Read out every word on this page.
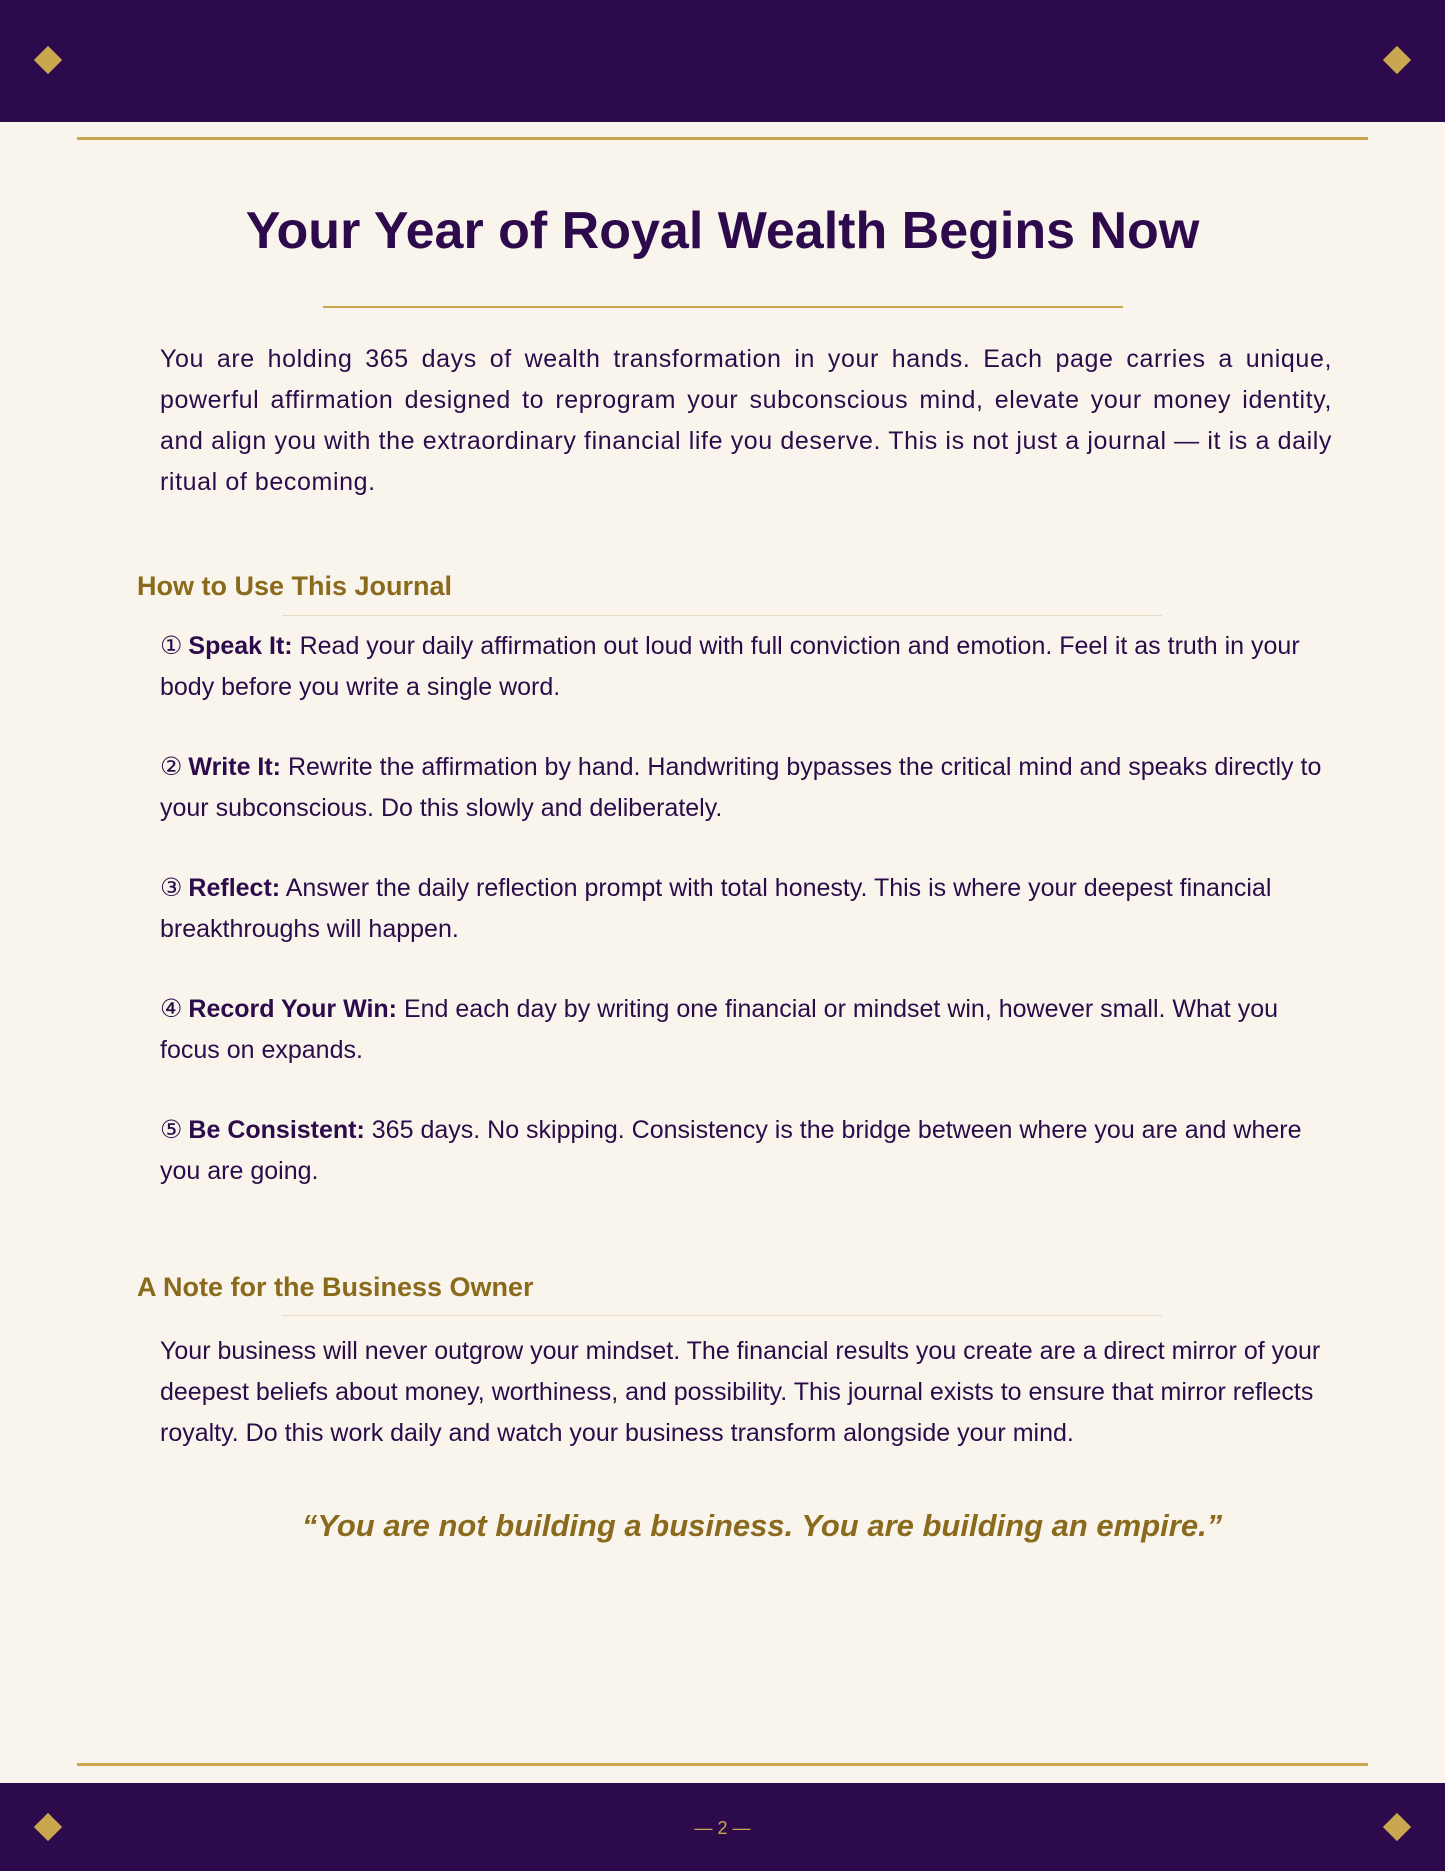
Your Year of Royal Wealth Begins Now

You are holding 365 days of wealth transformation in your hands. Each page carries a unique, powerful affirmation designed to reprogram your subconscious mind, elevate your money identity, and align you with the extraordinary financial life you deserve. This is not just a journal — it is a daily ritual of becoming.

How to Use This Journal

① Speak It: Read your daily affirmation out loud with full conviction and emotion. Feel it as truth in your body before you write a single word.

② Write It: Rewrite the affirmation by hand. Handwriting bypasses the critical mind and speaks directly to your subconscious. Do this slowly and deliberately.

③ Reflect: Answer the daily reflection prompt with total honesty. This is where your deepest financial breakthroughs will happen.

④ Record Your Win: End each day by writing one financial or mindset win, however small. What you focus on expands.

⑤ Be Consistent: 365 days. No skipping. Consistency is the bridge between where you are and where you are going.

A Note for the Business Owner

Your business will never outgrow your mindset. The financial results you create are a direct mirror of your deepest beliefs about money, worthiness, and possibility. This journal exists to ensure that mirror reflects royalty. Do this work daily and watch your business transform alongside your mind.

“You are not building a business. You are building an empire.”

— 2 —
